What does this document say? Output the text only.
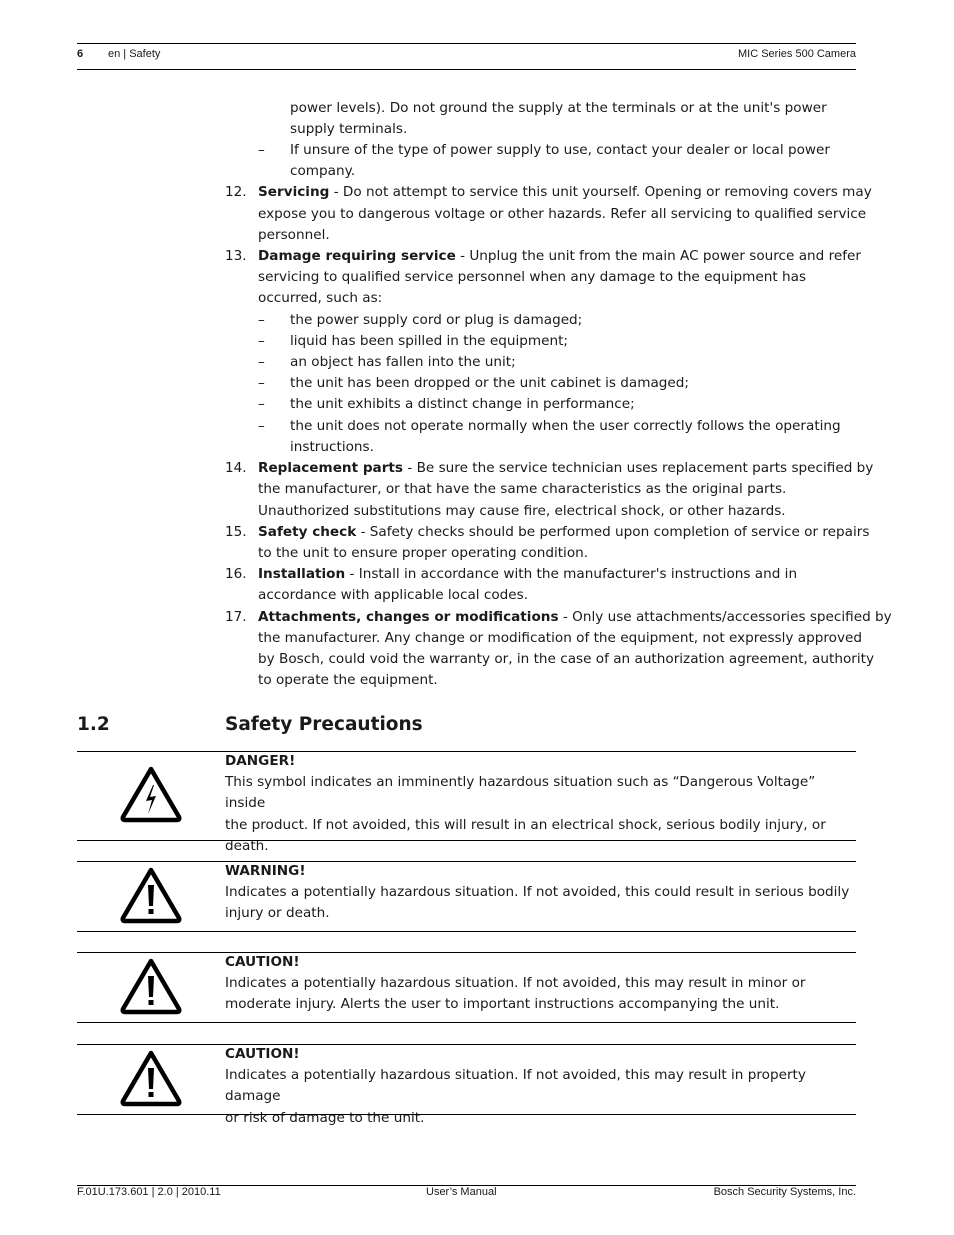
6 en | Safety	MIC Series 500 Camera
power levels). Do not ground the supply at the terminals or at the unit's power
supply terminals.
– If unsure of the type of power supply to use, contact your dealer or local power
company.
12. Servicing - Do not attempt to service this unit yourself. Opening or removing covers may
expose you to dangerous voltage or other hazards. Refer all servicing to qualified service
personnel.
13. Damage requiring service - Unplug the unit from the main AC power source and refer
servicing to qualified service personnel when any damage to the equipment has
occurred, such as:
– the power supply cord or plug is damaged;
– liquid has been spilled in the equipment;
– an object has fallen into the unit;
– the unit has been dropped or the unit cabinet is damaged;
– the unit exhibits a distinct change in performance;
– the unit does not operate normally when the user correctly follows the operating
instructions.
14. Replacement parts - Be sure the service technician uses replacement parts specified by
the manufacturer, or that have the same characteristics as the original parts.
Unauthorized substitutions may cause fire, electrical shock, or other hazards.
15. Safety check - Safety checks should be performed upon completion of service or repairs
to the unit to ensure proper operating condition.
16. Installation - Install in accordance with the manufacturer's instructions and in
accordance with applicable local codes.
17. Attachments, changes or modifications - Only use attachments/accessories specified by
the manufacturer. Any change or modification of the equipment, not expressly approved
by Bosch, could void the warranty or, in the case of an authorization agreement, authority
to operate the equipment.
1.2	Safety Precautions
DANGER!
This symbol indicates an imminently hazardous situation such as “Dangerous Voltage” inside
the product. If not avoided, this will result in an electrical shock, serious bodily injury, or
death.
WARNING!
Indicates a potentially hazardous situation. If not avoided, this could result in serious bodily
injury or death.
CAUTION!
Indicates a potentially hazardous situation. If not avoided, this may result in minor or
moderate injury. Alerts the user to important instructions accompanying the unit.
CAUTION!
Indicates a potentially hazardous situation. If not avoided, this may result in property damage
or risk of damage to the unit.
F.01U.173.601 | 2.0 | 2010.11	User’s Manual	Bosch Security Systems, Inc.
